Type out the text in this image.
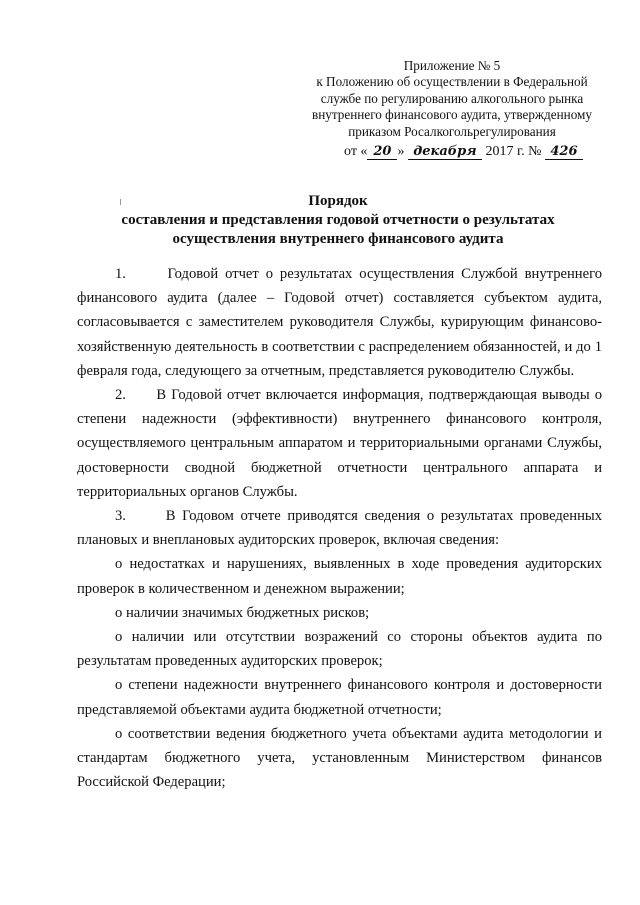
Приложение № 5
к Положению об осуществлении в Федеральной
службе по регулированию алкогольного рынка
внутреннего финансового аудита, утвержденному
приказом Росалкогольрегулирования
от « 20 » декабря 2017 г. № 426
Порядок
составления и представления годовой отчетности о результатах
осуществления внутреннего финансового аудита

1.      Годовой отчет о результатах осуществления Службой внутреннего финансового аудита (далее – Годовой отчет) составляется субъектом аудита, согласовывается с заместителем руководителя Службы, курирующим финансово-хозяйственную деятельность в соответствии с распределением обязанностей, и до 1 февраля года, следующего за отчетным, представляется руководителю Службы.

2.      В Годовой отчет включается информация, подтверждающая выводы о степени надежности (эффективности) внутреннего финансового контроля, осуществляемого центральным аппаратом и территориальными органами Службы, достоверности сводной бюджетной отчетности центрального аппарата и территориальных органов Службы.

3.      В Годовом отчете приводятся сведения о результатах проведенных плановых и внеплановых аудиторских проверок, включая сведения:

о недостатках и нарушениях, выявленных в ходе проведения аудиторских проверок в количественном и денежном выражении;

о наличии значимых бюджетных рисков;

о наличии или отсутствии возражений со стороны объектов аудита по результатам проведенных аудиторских проверок;

о степени надежности внутреннего финансового контроля и достоверности представляемой объектами аудита бюджетной отчетности;

о соответствии ведения бюджетного учета объектами аудита методологии и стандартам бюджетного учета, установленным Министерством финансов Российской Федерации;
